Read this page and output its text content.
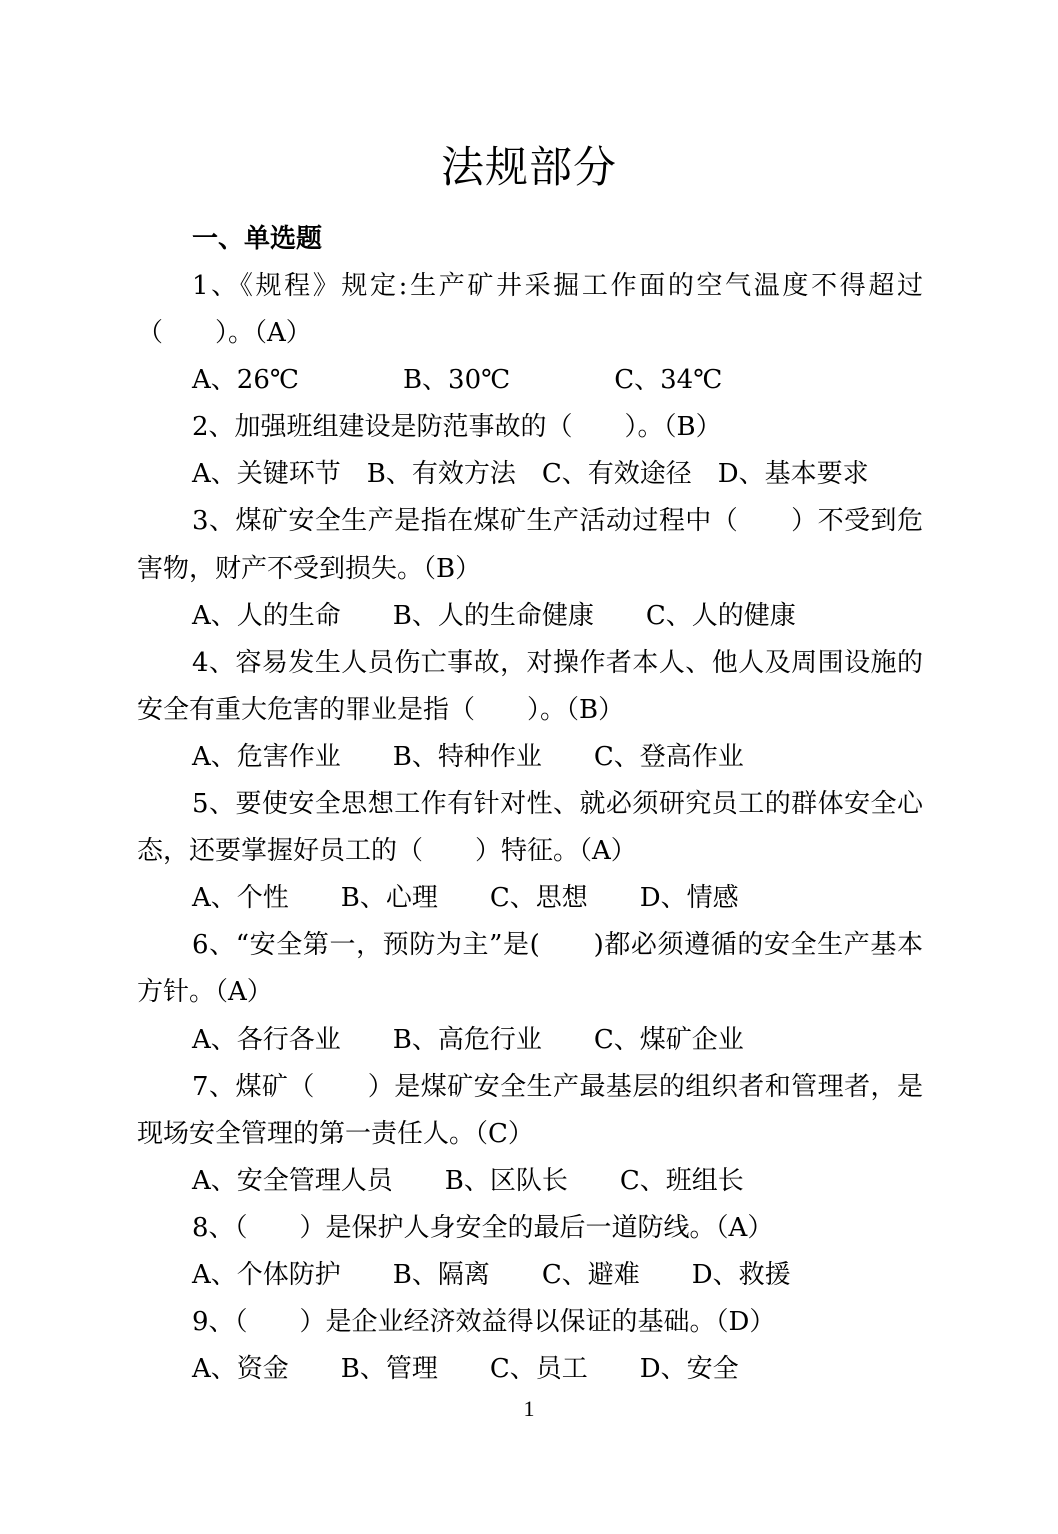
法规部分
一、单选题

1、《规程》规定:生产矿井采掘工作面的空气温度不得超过（　　）。（A）

A、26℃　　　　B、30℃　　　　C、34℃

2、加强班组建设是防范事故的（　　）。（B）

A、关键环节　B、有效方法　C、有效途径　D、基本要求

3、煤矿安全生产是指在煤矿生产活动过程中（　　）不受到危害物，财产不受到损失。（B）

A、人的生命　　B、人的生命健康　　C、人的健康

4、容易发生人员伤亡事故，对操作者本人、他人及周围设施的安全有重大危害的罪业是指（　　）。（B）

A、危害作业　　B、特种作业　　C、登高作业

5、要使安全思想工作有针对性、就必须研究员工的群体安全心态，还要掌握好员工的（　　）特征。（A）

A、个性　　B、心理　　C、思想　　D、情感

6、“安全第一，预防为主”是(　　)都必须遵循的安全生产基本方针。（A）

A、各行各业　　B、高危行业　　C、煤矿企业

7、煤矿（　　）是煤矿安全生产最基层的组织者和管理者，是现场安全管理的第一责任人。（C）

A、安全管理人员　　B、区队长　　C、班组长

8、（　　）是保护人身安全的最后一道防线。（A）

A、个体防护　　B、隔离　　C、避难　　D、救援

9、（　　）是企业经济效益得以保证的基础。（D）

A、资金　　B、管理　　C、员工　　D、安全

1
